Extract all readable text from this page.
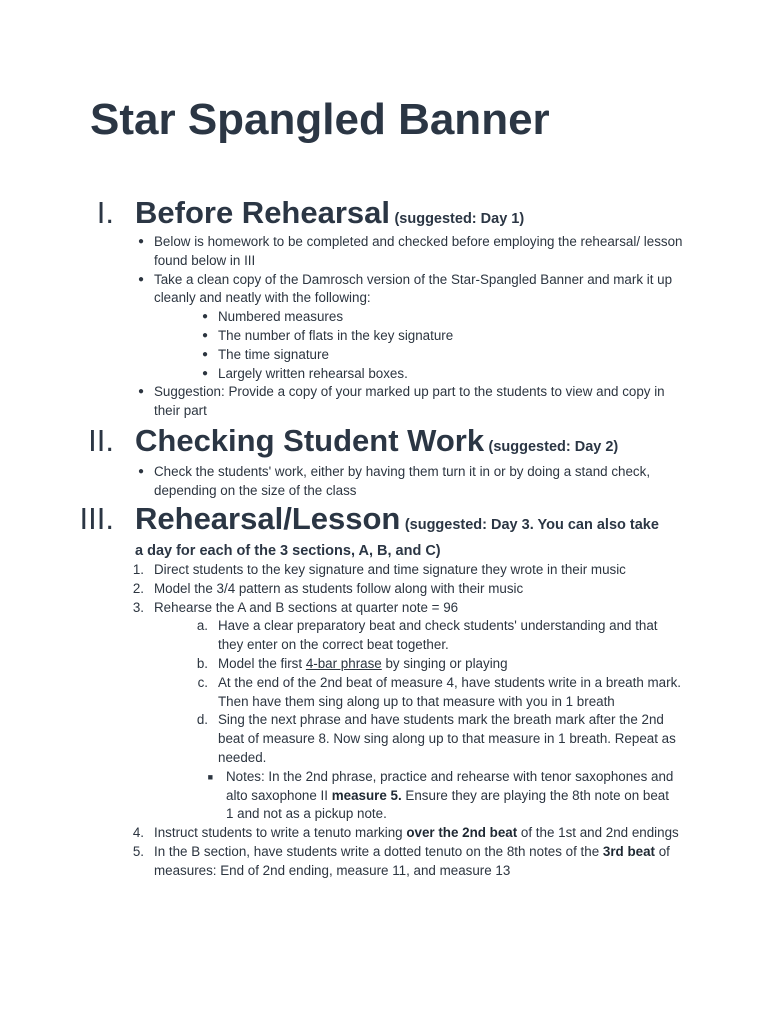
Star Spangled Banner
I. Before Rehearsal (suggested: Day 1)
● Below is homework to be completed and checked before employing the rehearsal/ lesson found below in III
● Take a clean copy of the Damrosch version of the Star-Spangled Banner and mark it up cleanly and neatly with the following:
● Numbered measures
● The number of flats in the key signature
● The time signature
● Largely written rehearsal boxes.
● Suggestion: Provide a copy of your marked up part to the students to view and copy in their part
II. Checking Student Work (suggested: Day 2)
● Check the students' work, either by having them turn it in or by doing a stand check, depending on the size of the class
III. Rehearsal/Lesson (suggested: Day 3. You can also take
a day for each of the 3 sections, A, B, and C)
1. Direct students to the key signature and time signature they wrote in their music
2. Model the 3/4 pattern as students follow along with their music
3. Rehearse the A and B sections at quarter note = 96
a. Have a clear preparatory beat and check students' understanding and that they enter on the correct beat together.
b. Model the first 4-bar phrase by singing or playing
c. At the end of the 2nd beat of measure 4, have students write in a breath mark. Then have them sing along up to that measure with you in 1 breath
d. Sing the next phrase and have students mark the breath mark after the 2nd beat of measure 8. Now sing along up to that measure in 1 breath. Repeat as needed.
■ Notes: In the 2nd phrase, practice and rehearse with tenor saxophones and alto saxophone II measure 5. Ensure they are playing the 8th note on beat 1 and not as a pickup note.
4. Instruct students to write a tenuto marking over the 2nd beat of the 1st and 2nd endings
5. In the B section, have students write a dotted tenuto on the 8th notes of the 3rd beat of measures: End of 2nd ending, measure 11, and measure 13
